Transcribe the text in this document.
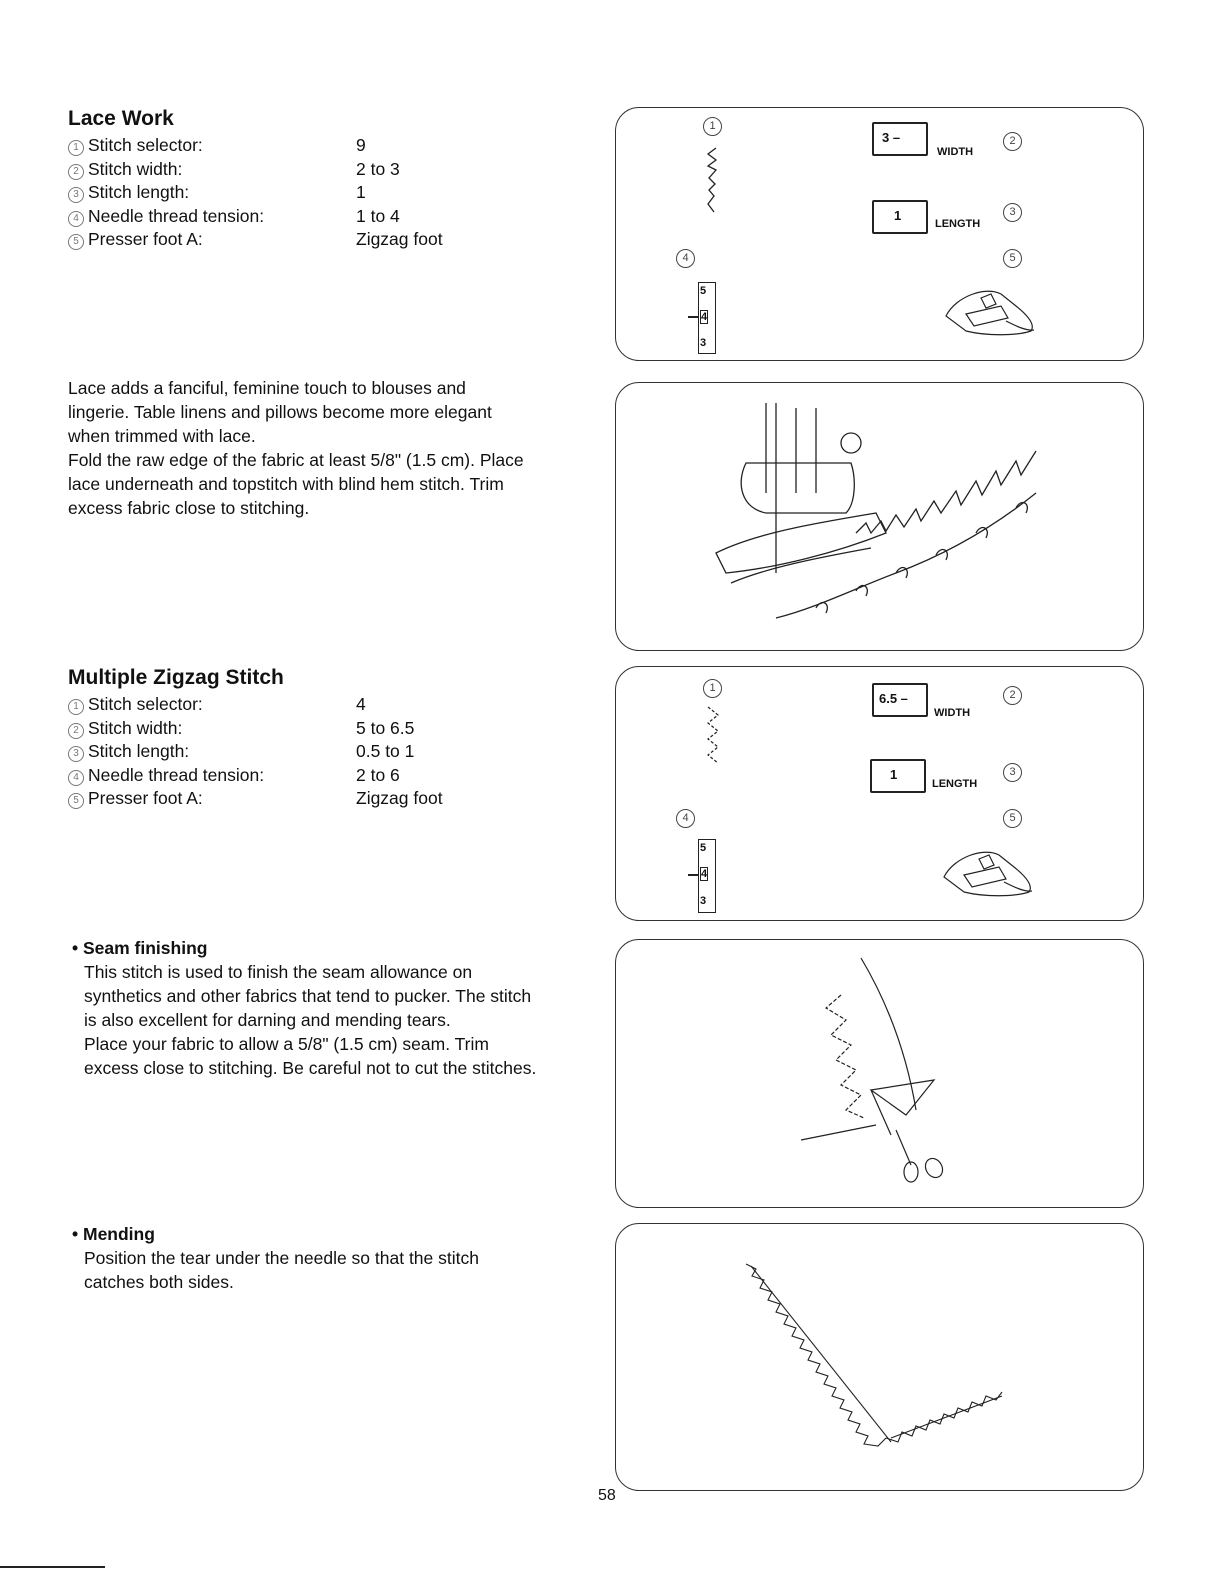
Lace Work
1 Stitch selector:	9
2 Stitch width:	2 to 3
3 Stitch length:	1
4 Needle thread tension:	1 to 4
5 Presser foot A:	Zigzag foot

Lace adds a fanciful, feminine touch to blouses and

lingerie. Table linens and pillows become more elegant

when trimmed with lace.

Fold the raw edge of the fabric at least 5/8" (1.5 cm). Place

lace underneath and topstitch with blind hem stitch. Trim

excess fabric close to stitching.

1
3 –
WIDTH
2
1
LENGTH
3
4	5
5
4
3
Multiple Zigzag Stitch
1 Stitch selector:	4
2 Stitch width:	5 to 6.5
3 Stitch length:	0.5 to 1
4 Needle thread tension:	2 to 6
5 Presser foot A:	Zigzag foot
1
6.5 –
WIDTH
2
1
LENGTH
3
4	5
5
4
3
• Seam finishing

This stitch is used to finish the seam allowance on

synthetics and other fabrics that tend to pucker. The stitch

is also excellent for darning and mending tears.

Place your fabric to allow a 5/8" (1.5 cm) seam. Trim

excess close to stitching. Be careful not to cut the stitches.

• Mending

Position the tear under the needle so that the stitch

catches both sides.

58
